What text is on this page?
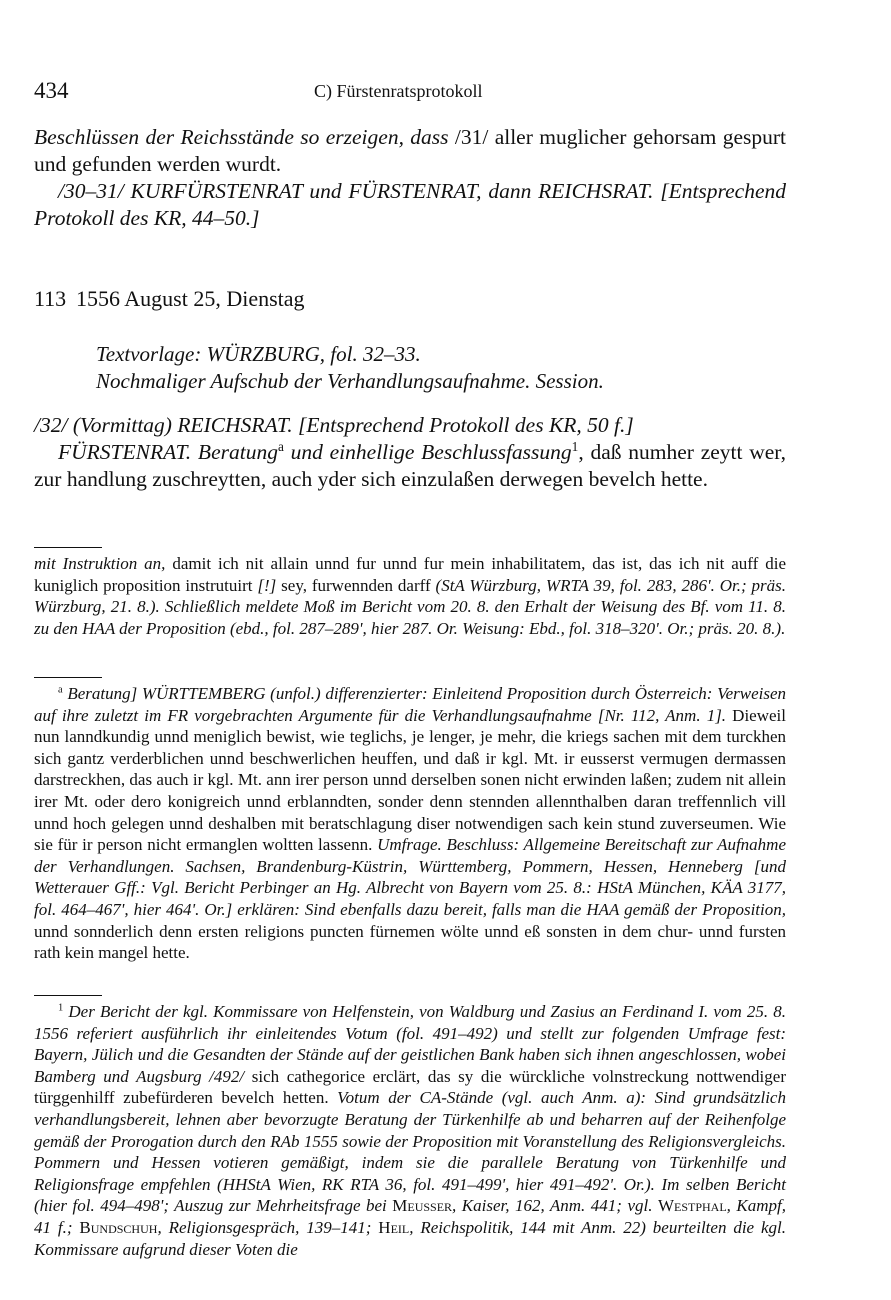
434	C) Fürstenratsprotokoll
Beschlüssen der Reichsstände so erzeigen, dass /31/ aller muglicher gehorsam gespurt und gefunden werden wurdt.
/30–31/ KURFÜRSTENRAT und FÜRSTENRAT, dann REICHSRAT. [Entsprechend Protokoll des KR, 44–50.]
113 1556 August 25, Dienstag
Textvorlage: WÜRZBURG, fol. 32–33.
Nochmaliger Aufschub der Verhandlungsaufnahme. Session.
/32/ (Vormittag) REICHSRAT. [Entsprechend Protokoll des KR, 50 f.]
FÜRSTENRAT. Beratung$^a$ und einhellige Beschlussfassung$^1$, daß numher zeytt wer, zur handlung zuschreytten, auch yder sich einzulaßen derwegen bevelch hette.
mit Instruktion an, damit ich nit allain unnd fur unnd fur mein inhabilitatem, das ist, das ich nit auff die kuniglich proposition instrutuirt [!] sey, furwennden darff (StA Würzburg, WRTA 39, fol. 283, 286'. Or.; präs. Würzburg, 21. 8.). Schließlich meldete Moß im Bericht vom 20. 8. den Erhalt der Weisung des Bf. vom 11. 8. zu den HAA der Proposition (ebd., fol. 287–289', hier 287. Or. Weisung: Ebd., fol. 318–320'. Or.; präs. 20. 8.).
$^a$ Beratung] WÜRTTEMBERG (unfol.) differenzierter: Einleitend Proposition durch Österreich: Verweisen auf ihre zuletzt im FR vorgebrachten Argumente für die Verhandlungsaufnahme [Nr. 112, Anm. 1]. Dieweil nun lanndkundig unnd meniglich bewist, wie teglichs, je lenger, je mehr, die kriegs sachen mit dem turckhen sich gantz verderblichen unnd beschwerlichen heuffen, und daß ir kgl. Mt. ir eusserst vermugen dermassen darstreckhen, das auch ir kgl. Mt. ann irer person unnd derselben sonen nicht erwinden laßen; zudem nit allein irer Mt. oder dero konigreich unnd erblanndten, sonder denn stennden allennthalben daran treffennlich vill unnd hoch gelegen unnd deshalben mit beratschlagung diser notwendigen sach kein stund zuverseumen. Wie sie für ir person nicht ermanglen woltten lassenn. Umfrage. Beschluss: Allgemeine Bereitschaft zur Aufnahme der Verhandlungen. Sachsen, Brandenburg-Küstrin, Württemberg, Pommern, Hessen, Henneberg [und Wetterauer Gff.: Vgl. Bericht Perbinger an Hg. Albrecht von Bayern vom 25. 8.: HStA München, KÄA 3177, fol. 464–467', hier 464'. Or.] erklären: Sind ebenfalls dazu bereit, falls man die HAA gemäß der Proposition, unnd sonnderlich denn ersten religions puncten fürnemen wölte unnd eß sonsten in dem chur- unnd fursten rath kein mangel hette.
$^1$ Der Bericht der kgl. Kommissare von Helfenstein, von Waldburg und Zasius an Ferdinand I. vom 25. 8. 1556 referiert ausführlich ihr einleitendes Votum (fol. 491–492) und stellt zur folgenden Umfrage fest: Bayern, Jülich und die Gesandten der Stände auf der geistlichen Bank haben sich ihnen angeschlossen, wobei Bamberg und Augsburg /492/ sich cathegorice erclärt, das sy die würckliche volnstreckung nottwendiger türggenhilff zubefürderen bevelch hetten. Votum der CA-Stände (vgl. auch Anm. a): Sind grundsätzlich verhandlungsbereit, lehnen aber bevorzugte Beratung der Türkenhilfe ab und beharren auf der Reihenfolge gemäß der Prorogation durch den RAb 1555 sowie der Proposition mit Voranstellung des Religionsvergleichs. Pommern und Hessen votieren gemäßigt, indem sie die parallele Beratung von Türkenhilfe und Religionsfrage empfehlen (HHStA Wien, RK RTA 36, fol. 491–499', hier 491–492'. Or.). Im selben Bericht (hier fol. 494–498'; Auszug zur Mehrheitsfrage bei Meusser, Kaiser, 162, Anm. 441; vgl. Westphal, Kampf, 41 f.; Bundschuh, Religionsgespräch, 139–141; Heil, Reichspolitik, 144 mit Anm. 22) beurteilten die kgl. Kommissare aufgrund dieser Voten die
